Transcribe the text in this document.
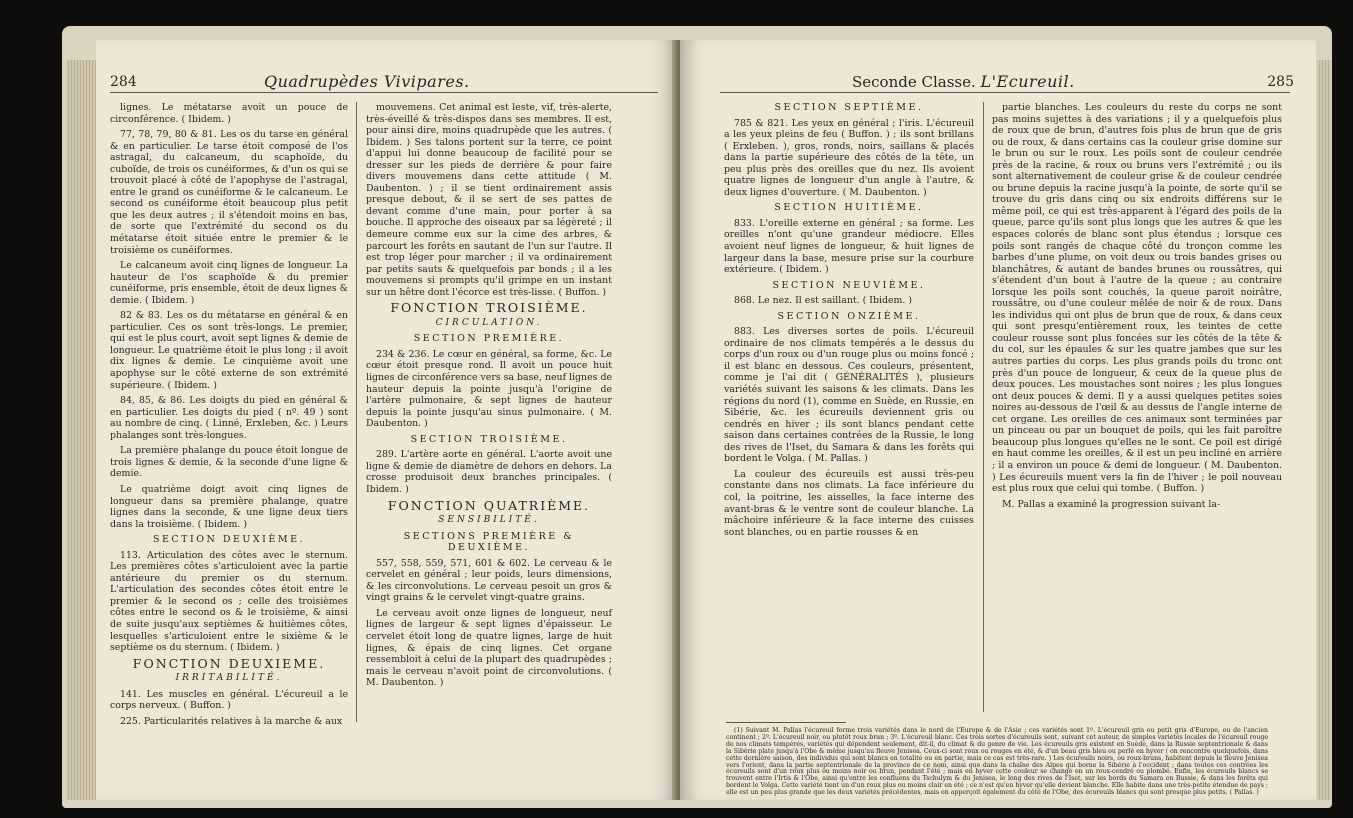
284	Quadrupèdes Vivipares.

lignes. Le métatarse avoit un pouce de circonférence. ( Ibidem. )

77, 78, 79, 80 & 81. Les os du tarse en général & en particulier. Le tarse étoit composé de l'os astragal, du calcaneum, du scaphoïde, du cuboïde, de trois os cunéiformes, & d'un os qui se trouvoit placé à côté de l'apophyse de l'astragal, entre le grand os cunéiforme & le calcaneum. Le second os cunéiforme étoit beaucoup plus petit que les deux autres ; il s'étendoit moins en bas, de sorte que l'extrémité du second os du métatarse étoit située entre le premier & le troisième os cunéiformes.

Le calcaneum avoit cinq lignes de longueur. La hauteur de l'os scaphoïde & du premier cunéiforme, pris ensemble, étoit de deux lignes & demie. ( Ibidem. )

82 & 83. Les os du métatarse en général & en particulier. Ces os sont très-longs. Le premier, qui est le plus court, avoit sept lignes & demie de longueur. Le quatrième étoit le plus long ; il avoit dix lignes & demie. Le cinquième avoit une apophyse sur le côté externe de son extrémité supérieure. ( Ibidem. )

84, 85, & 86. Les doigts du pied en général & en particulier. Les doigts du pied ( nº. 49 ) sont au nombre de cinq. ( Linné, Erxleben, &c. ) Leurs phalanges sont très-longues.

La première phalange du pouce étoit longue de trois lignes & demie, & la seconde d'une ligne & demie.

Le quatrième doigt avoit cinq lignes de longueur dans sa première phalange, quatre lignes dans la seconde, & une ligne deux tiers dans la troisième. ( Ibidem. )

SECTION DEUXIÈME.

113. Articulation des côtes avec le sternum. Les premières côtes s'articuloient avec la partie antérieure du premier os du sternum. L'articulation des secondes côtes étoit entre le premier & le second os ; celle des troisièmes côtes entre le second os & le troisième, & ainsi de suite jusqu'aux septièmes & huitièmes côtes, lesquelles s'articuloient entre le sixième & le septième os du sternum. ( Ibidem. )

FONCTION DEUXIEME.

IRRITABILITÉ.

141. Les muscles en général. L'écureuil a le corps nerveux. ( Buffon. )

225. Particularités relatives à la marche & aux

mouvemens. Cet animal est leste, vif, très-alerte, très-éveillé & très-dispos dans ses membres. Il est, pour ainsi dire, moins quadrupède que les autres. ( Ibidem. ) Ses talons portent sur la terre, ce point d'appui lui donne beaucoup de facilité pour se dresser sur les pieds de derrière & pour faire divers mouvemens dans cette attitude ( M. Daubenton. ) ; il se tient ordinairement assis presque debout, & il se sert de ses pattes de devant comme d'une main, pour porter à sa bouche. Il approche des oiseaux par sa légèreté ; il demeure comme eux sur la cime des arbres, & parcourt les forêts en sautant de l'un sur l'autre. Il est trop léger pour marcher ; il va ordinairement par petits sauts & quelquefois par bonds ; il a les mouvemens si prompts qu'il grimpe en un instant sur un hêtre dont l'écorce est très-lisse. ( Buffon. )

FONCTION TROISIÈME.

CIRCULATION.

SECTION PREMIÈRE.

234 & 236. Le cœur en général, sa forme, &c. Le cœur étoit presque rond. Il avoit un pouce huit lignes de circonférence vers sa base, neuf lignes de hauteur depuis la pointe jusqu'à l'origine de l'artère pulmonaire, & sept lignes de hauteur depuis la pointe jusqu'au sinus pulmonaire. ( M. Daubenton. )

SECTION TROISIÈME.

289. L'artère aorte en général. L'aorte avoit une ligne & demie de diamètre de dehors en dehors. La crosse produisoit deux branches principales. ( Ibidem. )

FONCTION QUATRIÈME.

SENSIBILITÉ.

SECTIONS PREMIÈRE & DEUXIÈME.

557, 558, 559, 571, 601 & 602. Le cerveau & le cervelet en général ; leur poids, leurs dimensions, & les circonvolutions. Le cerveau pesoit un gros & vingt grains & le cervelet vingt-quatre grains.

Le cerveau avoit onze lignes de longueur, neuf lignes de largeur & sept lignes d'épaisseur. Le cervelet étoit long de quatre lignes, large de huit lignes, & épais de cinq lignes. Cet organe ressembloit à celui de la plupart des quadrupèdes ; mais le cerveau n'avoit point de circonvolutions. ( M. Daubenton. )

Seconde Classe. L'Ecureuil.	285

SECTION SEPTIÈME.

785 & 821. Les yeux en général ; l'iris. L'écureuil a les yeux pleins de feu ( Buffon. ) ; ils sont brillans ( Erxleben. ), gros, ronds, noirs, saillans & placés dans la partie supérieure des côtés de la tête, un peu plus près des oreilles que du nez. Ils avoient quatre lignes de longueur d'un angle à l'autre, & deux lignes d'ouverture. ( M. Daubenton. )

SECTION HUITIÈME.

833. L'oreille externe en général ; sa forme. Les oreilles n'ont qu'une grandeur médiocre. Elles avoient neuf lignes de longueur, & huit lignes de largeur dans la base, mesure prise sur la courbure extérieure. ( Ibidem. )

SECTION NEUVIÈME.

868. Le nez. Il est saillant. ( Ibidem. )

SECTION ONZIÈME.

883. Les diverses sortes de poils. L'écureuil ordinaire de nos climats tempérés a le dessus du corps d'un roux ou d'un rouge plus ou moins foncé ; il est blanc en dessous. Ces couleurs, présentent, comme je l'ai dit ( GÉNÉRALITÉS ), plusieurs variétés suivant les saisons & les climats. Dans les régions du nord (1), comme en Suède, en Russie, en Sibérie, &c. les écureuils deviennent gris ou cendrés en hiver ; ils sont blancs pendant cette saison dans certaines contrées de la Russie, le long des rives de l'Iset, du Samara & dans les forêts qui bordent le Volga. ( M. Pallas. )

La couleur des écureuils est aussi très-peu constante dans nos climats. La face inférieure du col, la poitrine, les aisselles, la face interne des avant-bras & le ventre sont de couleur blanche. La mâchoire inférieure & la face interne des cuisses sont blanches, ou en partie rousses & en

partie blanches. Les couleurs du reste du corps ne sont pas moins sujettes à des variations ; il y a quelquefois plus de roux que de brun, d'autres fois plus de brun que de gris ou de roux, & dans certains cas la couleur grise domine sur le brun ou sur le roux. Les poils sont de couleur cendrée près de la racine, & roux ou bruns vers l'extrémité ; ou ils sont alternativement de couleur grise & de couleur cendrée ou brune depuis la racine jusqu'à la pointe, de sorte qu'il se trouve du gris dans cinq ou six endroits différens sur le même poil, ce qui est très-apparent à l'égard des poils de la queue, parce qu'ils sont plus longs que les autres & que les espaces colorés de blanc sont plus étendus ; lorsque ces poils sont rangés de chaque côté du tronçon comme les barbes d'une plume, on voit deux ou trois bandes grises ou blanchâtres, & autant de bandes brunes ou roussâtres, qui s'étendent d'un bout à l'autre de la queue ; au contraire lorsque les poils sont couchés, la queue paroit noirâtre, roussâtre, ou d'une couleur mêlée de noir & de roux. Dans les individus qui ont plus de brun que de roux, & dans ceux qui sont presqu'entièrement roux, les teintes de cette couleur rousse sont plus foncées sur les côtés de la tête & du col, sur les épaules & sur les quatre jambes que sur les autres parties du corps. Les plus grands poils du tronc ont près d'un pouce de longueur, & ceux de la queue plus de deux pouces. Les moustaches sont noires ; les plus longues ont deux pouces & demi. Il y a aussi quelques petites soies noires au-dessous de l'œil & au dessus de l'angle interne de cet organe. Les oreilles de ces animaux sont terminées par un pinceau ou par un bouquet de poils, qui les fait paroître beaucoup plus longues qu'elles ne le sont. Ce poil est dirigé en haut comme les oreilles, & il est un peu incliné en arrière ; il a environ un pouce & demi de longueur. ( M. Daubenton. ) Les écureuils muent vers la fin de l'hiver ; le poil nouveau est plus roux que celui qui tombe. ( Buffon. )

M. Pallas a examiné la progression suivant la-

(1) Suivant M. Pallas l'écureuil forme trois variétés dans le nord de l'Europe & de l'Asie ; ces variétés sont 1º. L'écureuil gris ou petit gris d'Europe, ou de l'ancien continent ; 2º. L'écureuil noir, ou plutôt roux brun ; 3º. L'écureuil blanc. Ces trois sortes d'écureuils sont, suivant cet auteur, de simples variétés locales de l'écureuil rouge de nos climats tempérés, variétés qui dépendent seulement, dit-il, du climat & du genre de vie. Les écureuils gris existent en Suède, dans la Russie septentrionale & dans la Sibérie plate jusqu'à l'Obe & même jusqu'au fleuve Jenisea. Ceux-ci sont roux ou rouges en été, & d'un beau gris bleu ou perlé en hyver ( on rencontre quelquefois, dans cette dernière saison, des individus qui sont blancs en totalité ou en partie, mais ce cas est très-rare. ) Les écureuils noirs, ou roux-bruns, habitent depuis le fleuve Jenisea vers l'orient, dans la partie septentrionale de la province de ce nom, ainsi que dans la chaîne des Alpes qui borne la Sibérie à l'occident ; dans toutes ces contrées les écureuils sont d'un roux plus ou moins noir ou brun, pendant l'été ; mais en hyver cette couleur se change en un roux-cendré ou plombé. Enfin, les écureuils blancs se trouvent entre l'Irtis & l'Obe, ainsi qu'entre les confluens du Tschulym & du Jenisea, le long des rives de l'Iset, sur les bords du Samara en Russie, & dans les forêts qui bordent le Volga. Cette variété tient un d'un roux plus ou moins clair en été ; ce n'est qu'en hyver qu'elle devient blanche. Elle habite dans une très-petite étendue de pays ; elle est un peu plus grande que les deux variétés précédentes, mais on apperçoit également du côté de l'Obe, des écureuils blancs qui sont presque plus petits. ( Pallas. )
